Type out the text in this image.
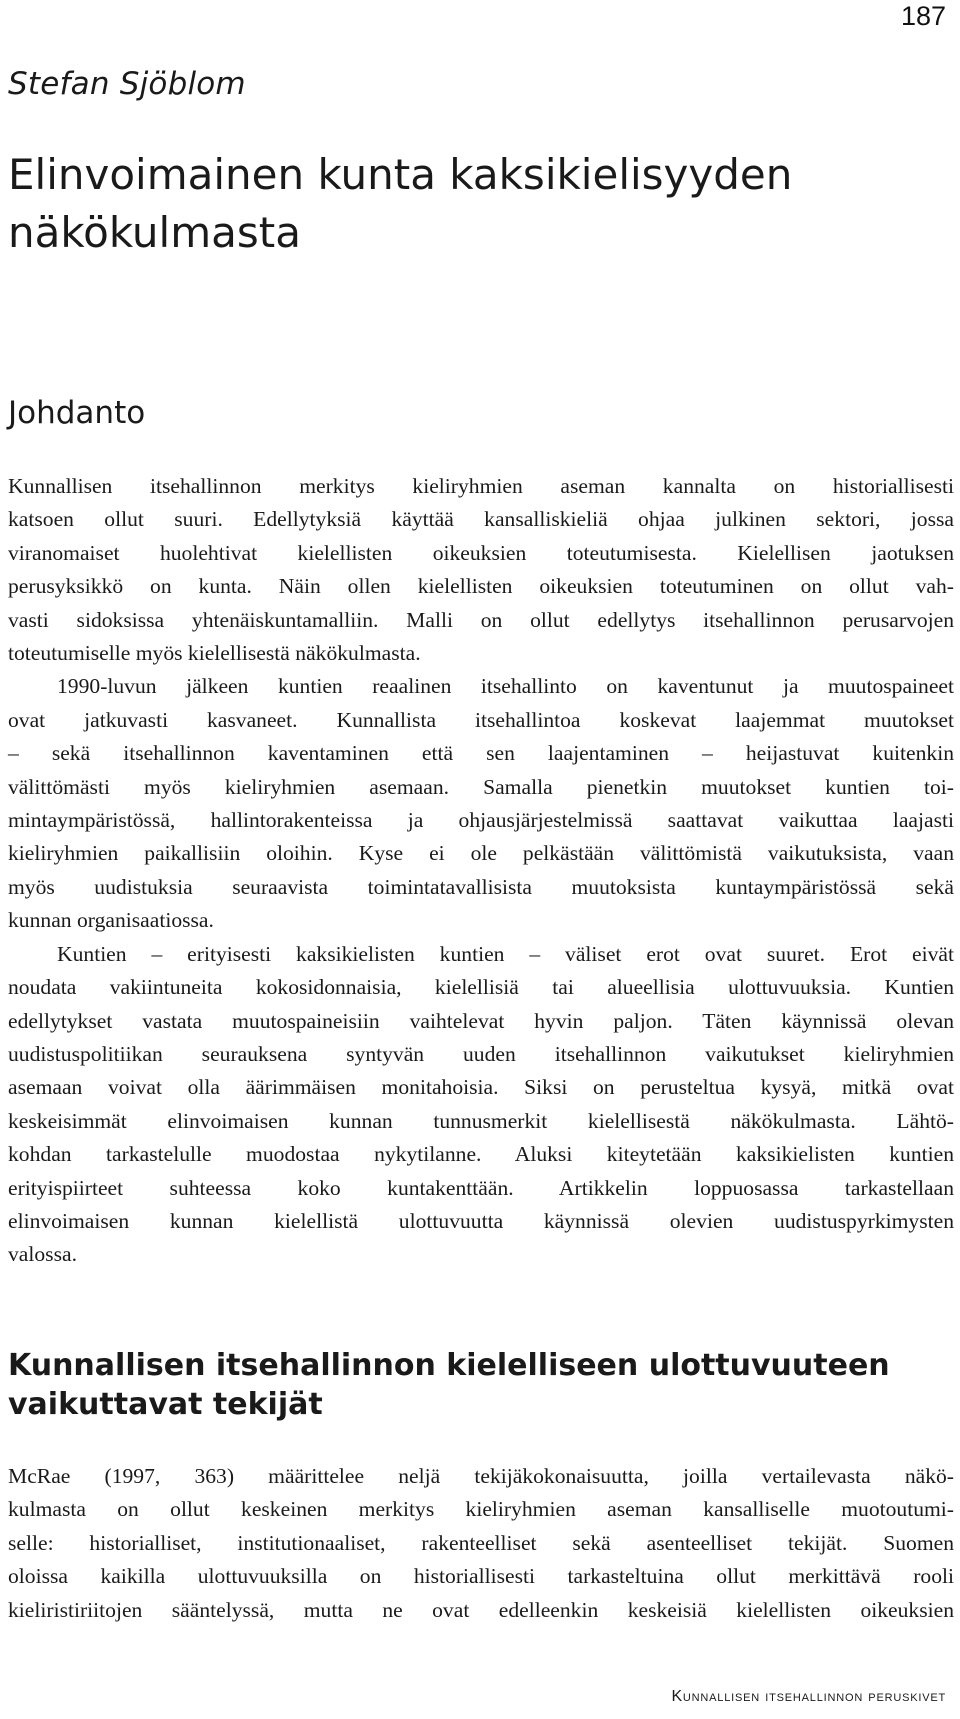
187
Stefan Sjöblom
Elinvoimainen kunta kaksikielisyyden näkökulmasta
Johdanto
Kunnallisen itsehallinnon merkitys kieliryhmien aseman kannalta on historiallisesti
katsoen ollut suuri. Edellytyksiä käyttää kansalliskieliä ohjaa julkinen sektori, jossa
viranomaiset huolehtivat kielellisten oikeuksien toteutumisesta. Kielellisen jaotuksen
perusyksikkö on kunta. Näin ollen kielellisten oikeuksien toteutuminen on ollut vah-
vasti sidoksissa yhtenäiskuntamalliin. Malli on ollut edellytys itsehallinnon perusarvojen
toteutumiselle myös kielellisestä näkökulmasta.
1990-luvun jälkeen kuntien reaalinen itsehallinto on kaventunut ja muutospaineet
ovat jatkuvasti kasvaneet. Kunnallista itsehallintoa koskevat laajemmat muutokset
– sekä itsehallinnon kaventaminen että sen laajentaminen – heijastuvat kuitenkin
välittömästi myös kieliryhmien asemaan. Samalla pienetkin muutokset kuntien toi-
mintaympäristössä, hallintorakenteissa ja ohjausjärjestelmissä saattavat vaikuttaa laajasti
kieliryhmien paikallisiin oloihin. Kyse ei ole pelkästään välittömistä vaikutuksista, vaan
myös uudistuksia seuraavista toimintatavallisista muutoksista kuntaympäristössä sekä
kunnan organisaatiossa.
Kuntien – erityisesti kaksikielisten kuntien – väliset erot ovat suuret. Erot eivät
noudata vakiintuneita kokosidonnaisia, kielellisiä tai alueellisia ulottuvuuksia. Kuntien
edellytykset vastata muutospaineisiin vaihtelevat hyvin paljon. Täten käynnissä olevan
uudistuspolitiikan seurauksena syntyvän uuden itsehallinnon vaikutukset kieliryhmien
asemaan voivat olla äärimmäisen monitahoisia. Siksi on perusteltua kysyä, mitkä ovat
keskeisimmät elinvoimaisen kunnan tunnusmerkit kielellisestä näkökulmasta. Lähtö-
kohdan tarkastelulle muodostaa nykytilanne. Aluksi kiteytetään kaksikielisten kuntien
erityispiirteet suhteessa koko kuntakenttään. Artikkelin loppuosassa tarkastellaan
elinvoimaisen kunnan kielellistä ulottuvuutta käynnissä olevien uudistuspyrkimysten
valossa.
Kunnallisen itsehallinnon kielelliseen ulottuvuuteen vaikuttavat tekijät
McRae (1997, 363) määrittelee neljä tekijäkokonaisuutta, joilla vertailevasta näkö-
kulmasta on ollut keskeinen merkitys kieliryhmien aseman kansalliselle muotoutumi-
selle: historialliset, institutionaaliset, rakenteelliset sekä asenteelliset tekijät. Suomen
oloissa kaikilla ulottuvuuksilla on historiallisesti tarkasteltuina ollut merkittävä rooli
kieliristiriitojen sääntelyssä, mutta ne ovat edelleenkin keskeisiä kielellisten oikeuksien
Kunnallisen itsehallinnon peruskivet
